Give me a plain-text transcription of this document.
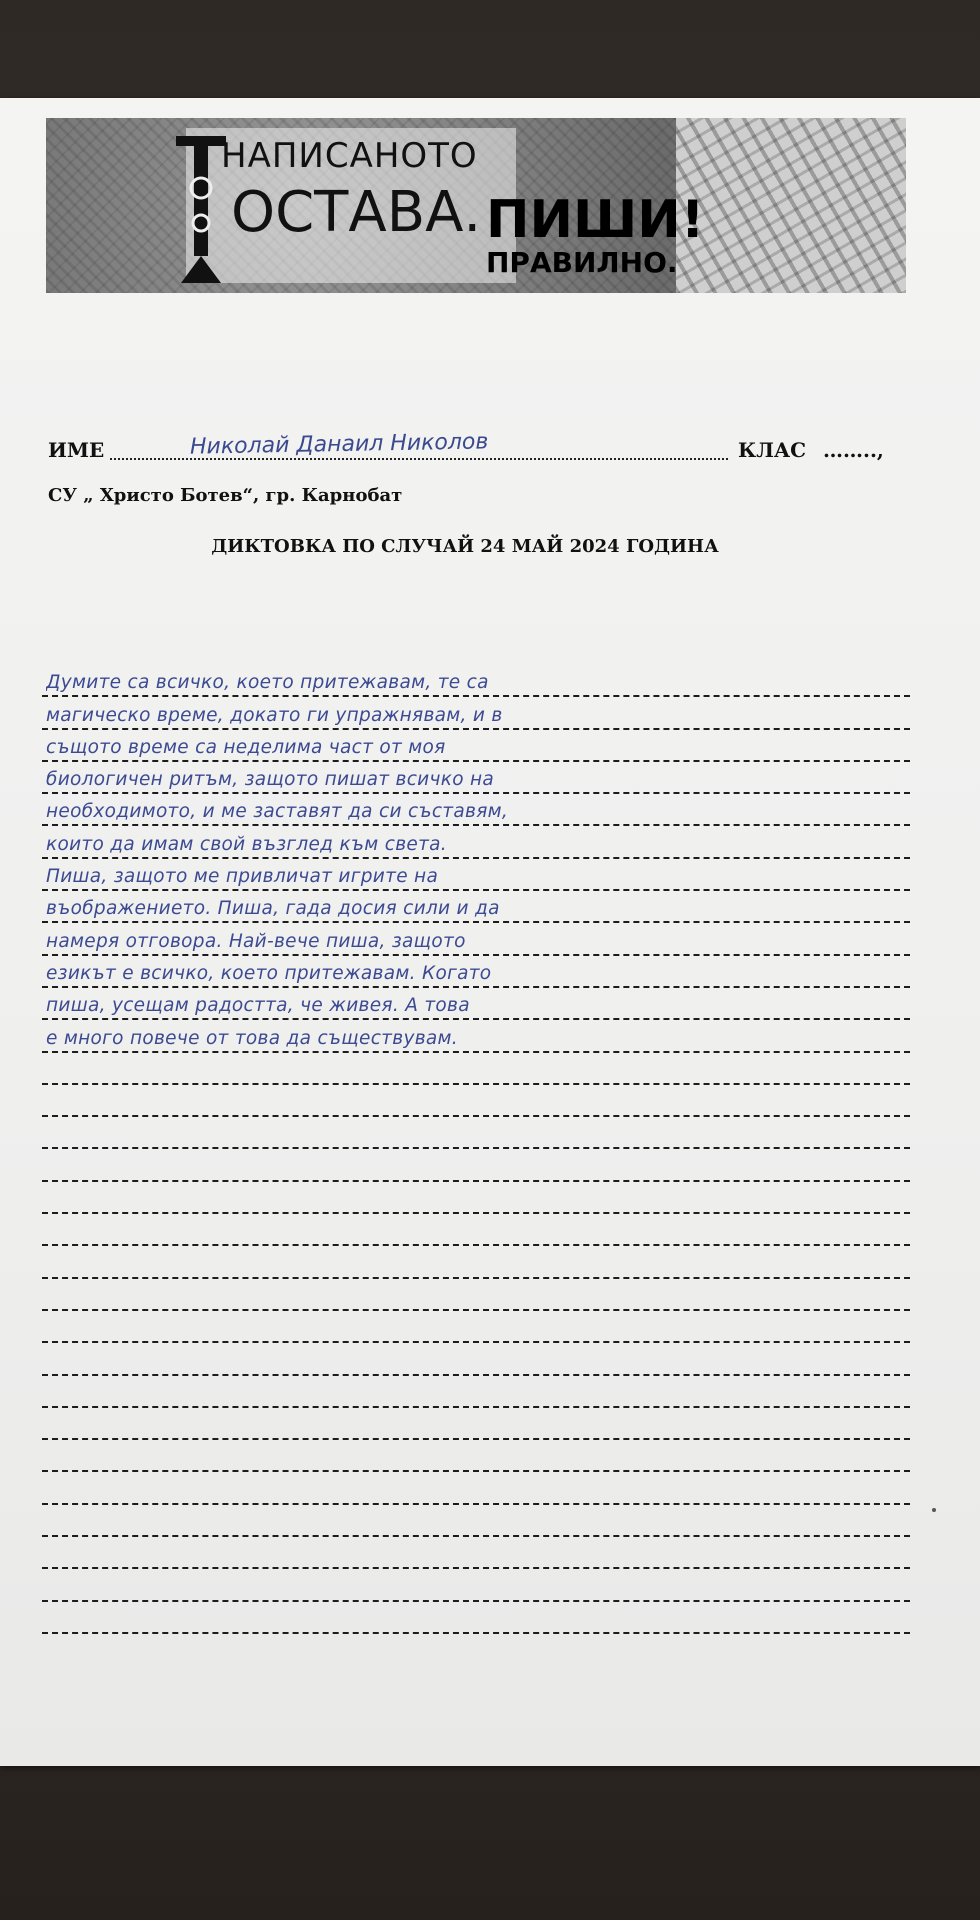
НАПИСАНОТО
ОСТАВА. ПИШИ!
ПРАВИЛНО.
ИМЕ	Николай Данаил Николов	КЛАС ……..,
СУ „ Христо Ботев“, гр. Карнобат
ДИКТОВКА ПО СЛУЧАЙ 24 МАЙ 2024 ГОДИНА
Думите са всичко, което притежавам, те са
магическо време, докато ги упражнявам, и в
същото време са неделима част от моя
биологичен ритъм, защото пишат всичко на
необходимото, и ме заставят да си съставям,
които да имам свой възглед към света.
Пиша, защото ме привличат игрите на
въображението. Пиша, гада досия сили и да
намеря отговора. Най-вече пиша, защото
езикът е всичко, което притежавам. Когато
пиша, усещам радостта, че живея. А това
е много повече от това да съществувам.
